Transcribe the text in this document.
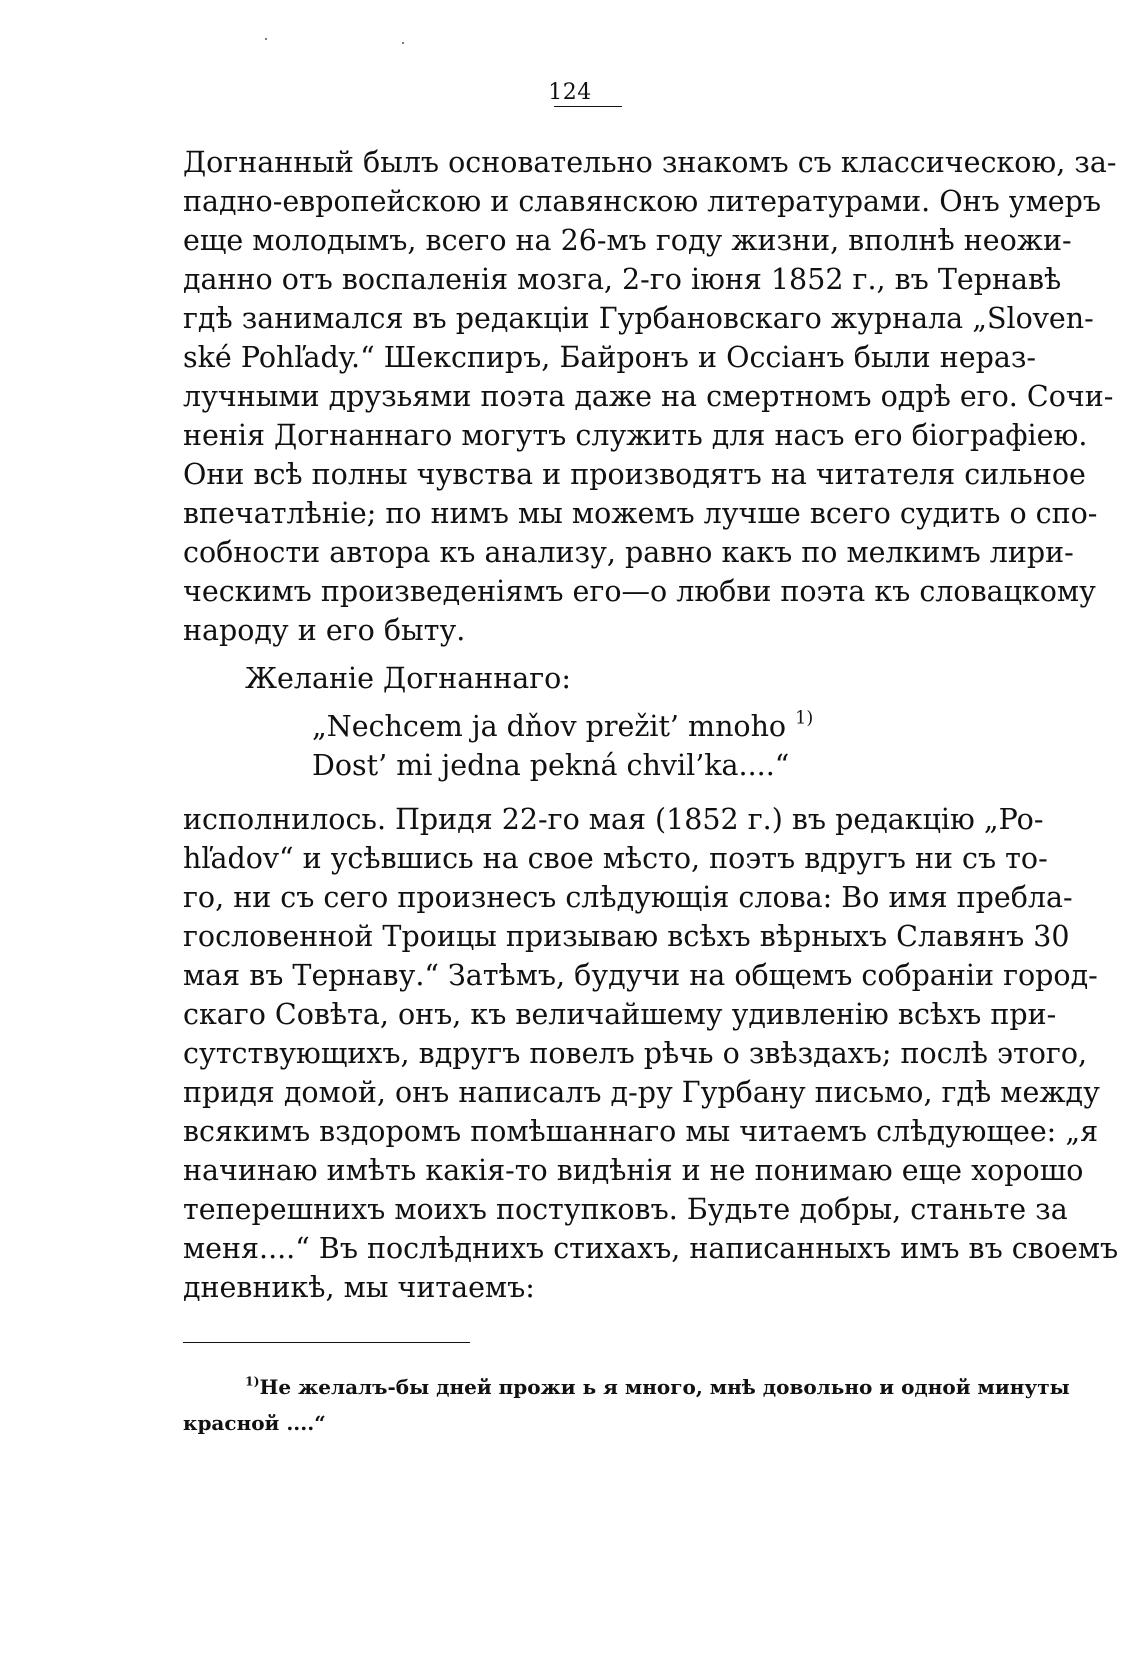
124
Догнанный былъ основательно знакомъ съ классическою, за-
падно-европейскою и славянскою литературами. Онъ умеръ
еще молодымъ, всего на 26-мъ году жизни, вполнѣ неожи-
данно отъ воспаленія мозга, 2-го іюня 1852 г., въ Тернавѣ
гдѣ занимался въ редакціи Гурбановскаго журнала „Sloven-
ské Pohľady.“ Шекспиръ, Байронъ и Оссіанъ были нераз-
лучными друзьями поэта даже на смертномъ одрѣ его. Сочи-
ненія Догнаннаго могутъ служить для насъ его біографіею.
Они всѣ полны чувства и производятъ на читателя сильное
впечатлѣніе; по нимъ мы можемъ лучше всего судить о спо-
собности автора къ анализу, равно какъ по мелкимъ лири-
ческимъ произведеніямъ его—о любви поэта къ словацкому
народу и его быту.
Желаніе Догнаннаго:
„Nechcem ja dňov prežit’ mnoho $^{1)}$
Dost’ mi jedna pekná chvil’ka....“
исполнилось. Придя 22-го мая (1852 г.) въ редакцію „Po-
hľadov“ и усѣвшись на свое мѣсто, поэтъ вдругъ ни съ то-
го, ни съ сего произнесъ слѣдующія слова: Во имя пребла-
гословенной Троицы призываю всѣхъ вѣрныхъ Славянъ 30
мая въ Тернаву.“ Затѣмъ, будучи на общемъ собраніи город-
скаго Совѣта, онъ, къ величайшему удивленію всѣхъ при-
сутствующихъ, вдругъ повелъ рѣчь о звѣздахъ; послѣ этого,
придя домой, онъ написалъ д-ру Гурбану письмо, гдѣ между
всякимъ вздоромъ помѣшаннаго мы читаемъ слѣдующее: „я
начинаю имѣть какія-то видѣнія и не понимаю еще хорошо
теперешнихъ моихъ поступковъ. Будьте добры, станьте за
меня....“ Въ послѣднихъ стихахъ, написанныхъ имъ въ своемъ
дневникѣ, мы читаемъ:
$^{1)}$Не желалъ-бы дней прожи ь я много, мнѣ довольно и одной минуты
красной ....“
